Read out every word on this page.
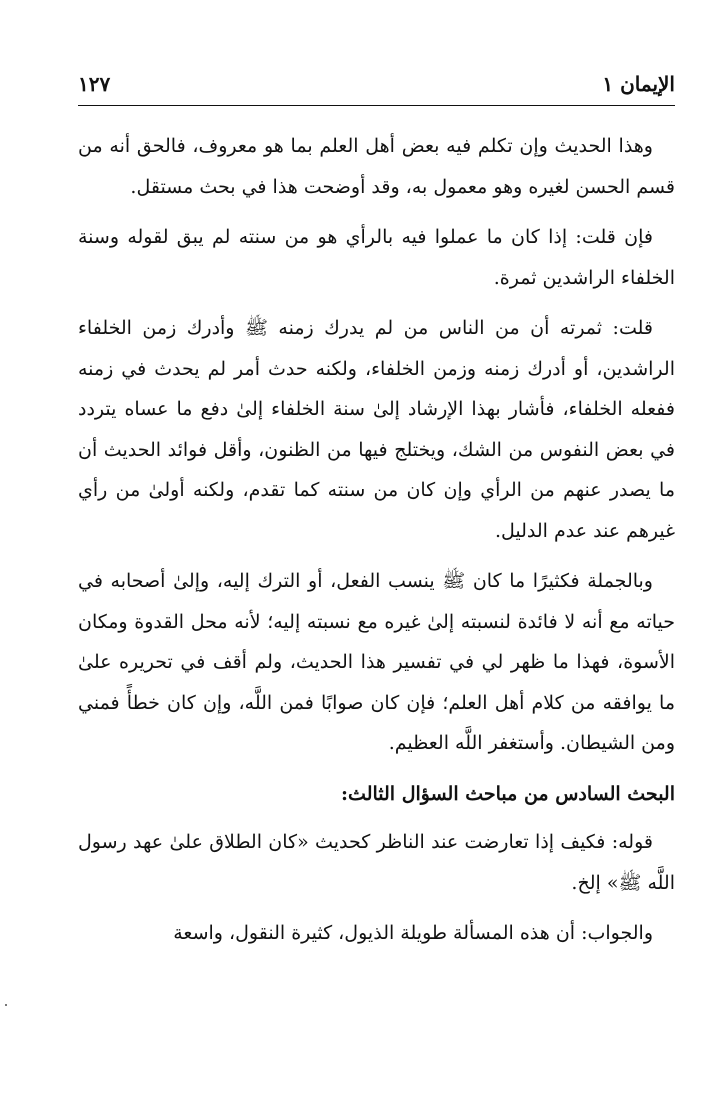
الإيمان ١
١٢٧

وهذا الحديث وإن تكلم فيه بعض أهل العلم بما هو معروف، فالحق أنه من قسم الحسن لغيره وهو معمول به، وقد أوضحت هذا في بحث مستقل.

فإن قلت: إذا كان ما عملوا فيه بالرأي هو من سنته لم يبق لقوله وسنة الخلفاء الراشدين ثمرة.

قلت: ثمرته أن من الناس من لم يدرك زمنه ﷺ وأدرك زمن الخلفاء الراشدين، أو أدرك زمنه وزمن الخلفاء، ولكنه حدث أمر لم يحدث في زمنه ففعله الخلفاء، فأشار بهذا الإرشاد إلىٰ سنة الخلفاء إلىٰ دفع ما عساه يتردد في بعض النفوس من الشك، ويختلج فيها من الظنون، وأقل فوائد الحديث أن ما يصدر عنهم من الرأي وإن كان من سنته كما تقدم، ولكنه أولىٰ من رأي غيرهم عند عدم الدليل.

وبالجملة فكثيرًا ما كان ﷺ ينسب الفعل، أو الترك إليه، وإلىٰ أصحابه في حياته مع أنه لا فائدة لنسبته إلىٰ غيره مع نسبته إليه؛ لأنه محل القدوة ومكان الأسوة، فهذا ما ظهر لي في تفسير هذا الحديث، ولم أقف في تحريره علىٰ ما يوافقه من كلام أهل العلم؛ فإن كان صوابًا فمن اللَّه، وإن كان خطأً فمني ومن الشيطان. وأستغفر اللَّه العظيم.

البحث السادس من مباحث السؤال الثالث:

قوله: فكيف إذا تعارضت عند الناظر كحديث «كان الطلاق علىٰ عهد رسول اللَّه ﷺ» إلخ.

والجواب: أن هذه المسألة طويلة الذيول، كثيرة النقول، واسعة
